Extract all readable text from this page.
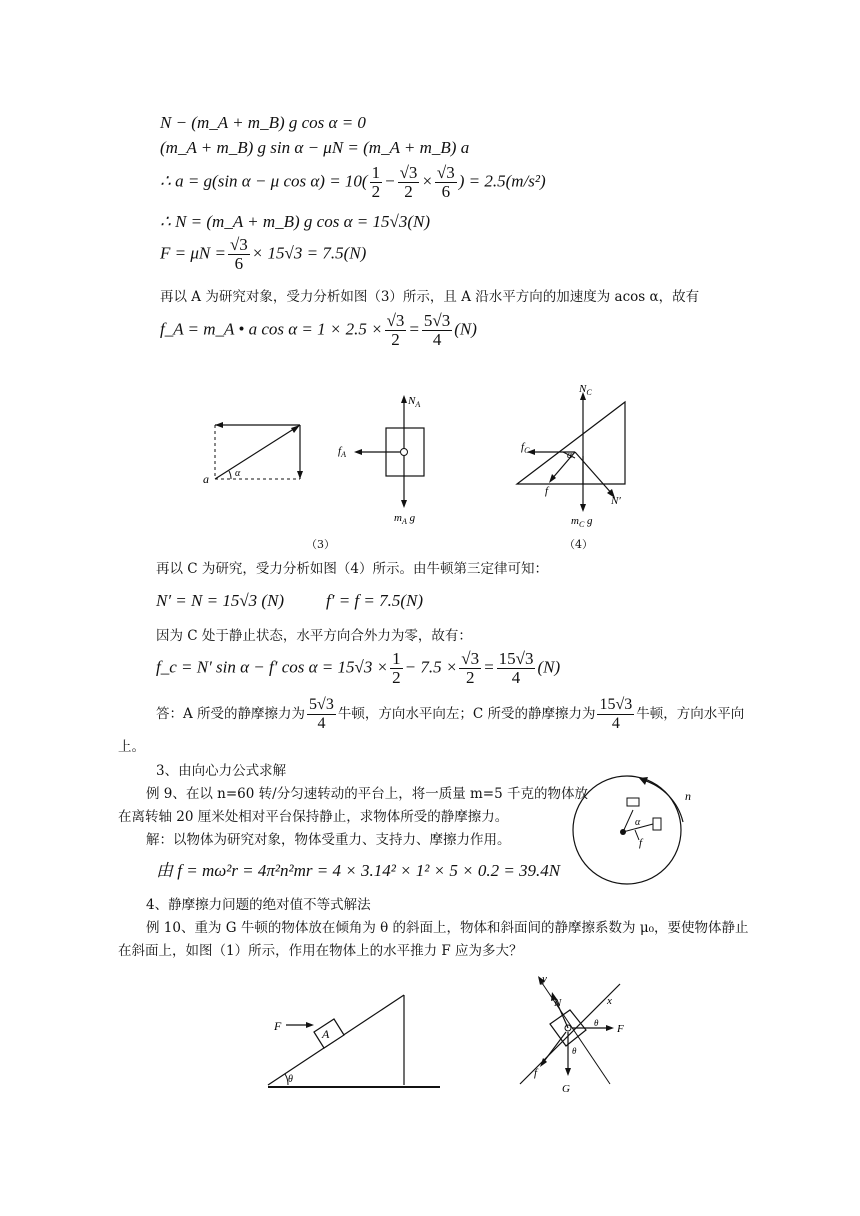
N − (m_A + m_B) g cos α = 0
(m_A + m_B) g sin α − μN = (m_A + m_B) a
∴ a = g(sin α − μ $\cos \alpha) = 10( \frac{1}{2} - \frac{√3}{2} \times \frac{√3}{6}$ ) = 2.5(m/s²)
∴ N = (m_A + m_B) g cos α = 15√3(N)
$F = \mu N = \frac{√3}{6} \times 15√3 = 7.5(N)$
再以 A 为研究对象，受力分析如图（3）所示，且 A 沿水平方向的加速度为 acos α，故有
f_A = m_A • a $\cos \alpha = 1 \times 2.5 \times \frac{√3}{2} = \frac{5√3}{4} (N)$
a	α
$N_A$
$f_A$
$m_A$ g
$N_C$
$f_C$	α
f
N′
$m_C$ g
（3）	（4）
再以 C 为研究，受力分析如图（4）所示。由牛顿第三定律可知：
N′ = N = 15√3 (N) f′ = f = 7.5(N)
因为 C 处于静止状态，水平方向合外力为零，故有：
f_c = N′ sin α − f′ $\cos \alpha = 15√3 \times \frac{1}{2} - 7.5 \times \frac{√3}{2} = \frac{15√3}{4} (N)$
答：A 所受的静摩擦力为 $\frac{5√3}{4}$ 牛顿，方向水平向左；C 所受的静摩擦力为 $\frac{15√3}{4}$ 牛顿，方向水平向
上。
3、由向心力公式求解
例 9、在以 n=60 转/分匀速转动的平台上，将一质量 m=5 千克的物体放
在离转轴 20 厘米处相对平台保持静止，求物体所受的静摩擦力。
解：以物体为研究对象，物体受重力、支持力、摩擦力作用。
由 f = mω²r = 4π²n²mr = 4 × 3.14² × 1² × 5 × 0.2 = 39.4N
n
α
f
4、静摩擦力问题的绝对值不等式解法
例 10、重为 G 牛顿的物体放在倾角为 θ 的斜面上，物体和斜面间的静摩擦系数为 μ₀，要使物体静止
在斜面上，如图（1）所示，作用在物体上的水平推力 F 应为多大？
F
A
θ
y
x
N
F
θ
θ
f
G
